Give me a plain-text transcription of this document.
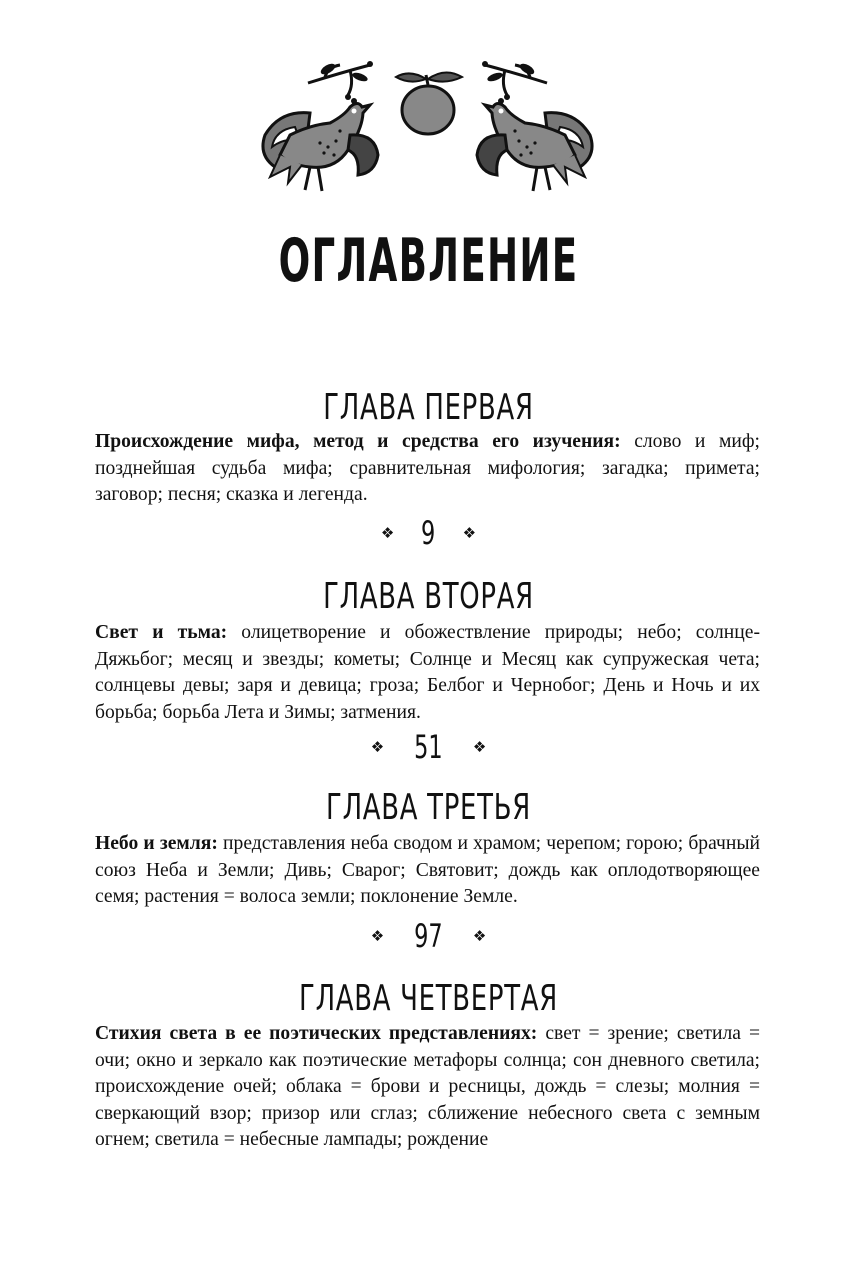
ОГЛАВЛЕНИЕ
ГЛАВА ПЕРВАЯ
Происхождение мифа, метод и средства его изучения: слово и миф; позднейшая судьба мифа; сравнительная мифология; загадка; примета; заговор; песня; сказка и легенда.
❖ 9 ❖
ГЛАВА ВТОРАЯ
Свет и тьма: олицетворение и обожествление природы; небо; солнце-Дяжьбог; месяц и звезды; кометы; Солнце и Месяц как супружеская чета; солнцевы девы; заря и девица; гроза; Белбог и Чернобог; День и Ночь и их борьба; борьба Лета и Зимы; затмения.
❖ 51 ❖
ГЛАВА ТРЕТЬЯ
Небо и земля: представления неба сводом и храмом; черепом; горою; брачный союз Неба и Земли; Дивь; Сварог; Святовит; дождь как оплодотворяющее семя; растения = волоса земли; поклонение Земле.
❖ 97 ❖
ГЛАВА ЧЕТВЕРТАЯ
Стихия света в ее поэтических представлениях: свет = зрение; светила = очи; окно и зеркало как поэтические метафоры солнца; сон дневного светила; происхождение очей; облака = брови и ресницы, дождь = слезы; молния = сверкающий взор; призор или сглаз; сближение небесного света с земным огнем; светила = небесные лампады; рождение
